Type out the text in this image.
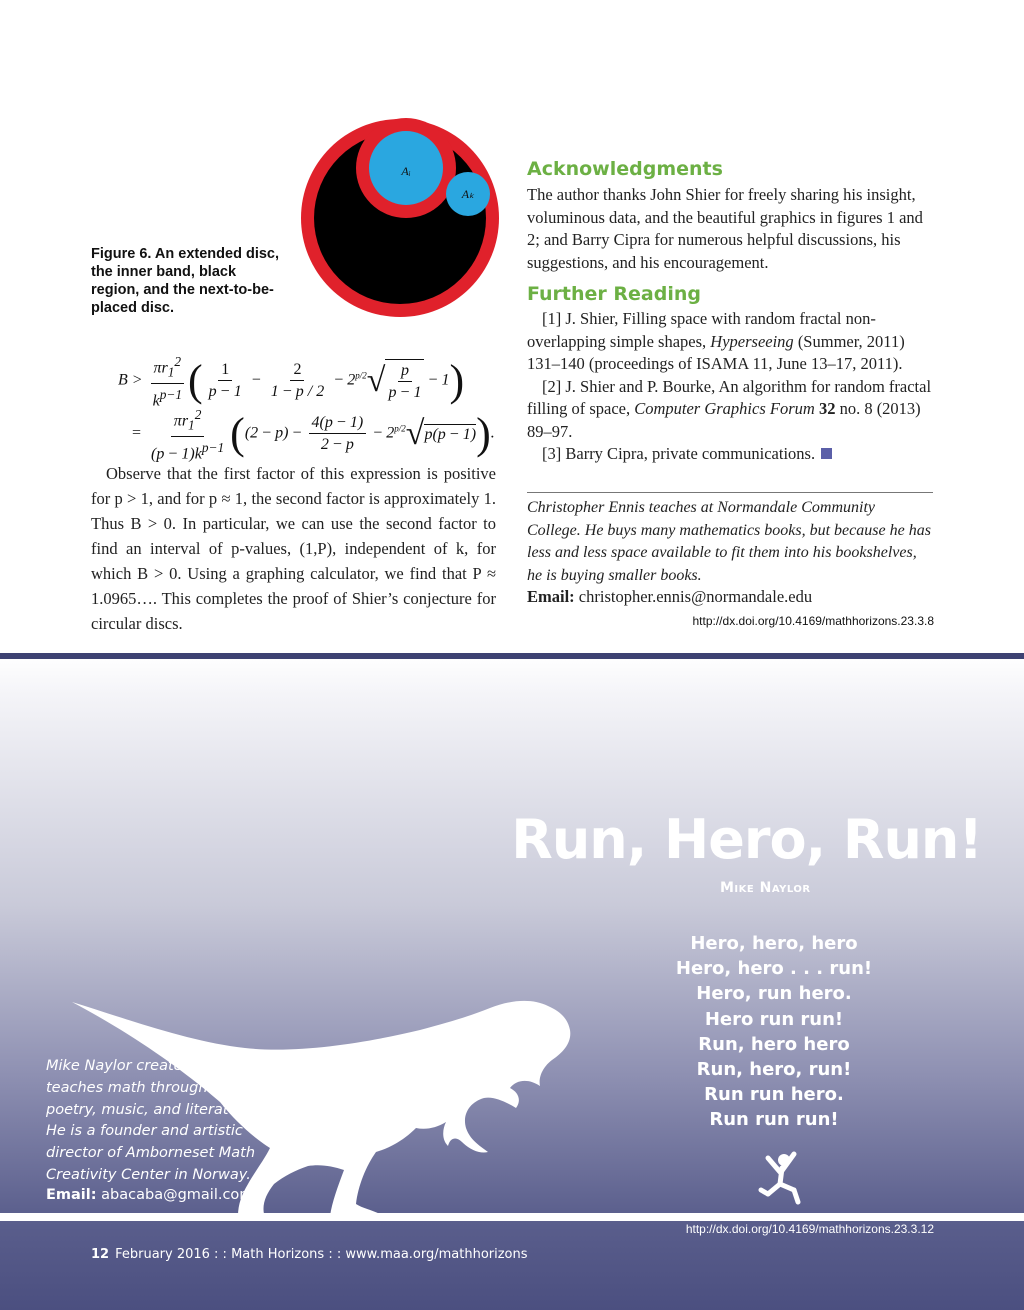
Aᵢ
Aₖ
Figure 6. An extended disc, the inner band, black region, and the next-to-be-placed disc.
$B > \frac{\pi r_1^2}{k^{p-1}}$ ( $\frac{1}{p - 1} - \frac{2}{1 - p / 2} - 2^{p/2}$ √ $\frac{p}{p - 1} - 1$)
= $\frac{\pi r_1^2}{(p - 1)k^{p-1}} ((2 - p) - \frac{4(p - 1)}{2 - p} - 2^{p/2}$ √ p(p − 1) ).

Observe that the first factor of this expression is positive for p > 1, and for p ≈ 1, the second factor is approximately 1. Thus B > 0. In particular, we can use the second factor to find an interval of p-values, (1,P), independent of k, for which B > 0. Using a graphing calculator, we find that P ≈ 1.0965…. This completes the proof of Shier’s conjecture for circular discs.

Acknowledgments

The author thanks John Shier for freely sharing his insight, voluminous data, and the beautiful graphics in figures 1 and 2; and Barry Cipra for numerous helpful discussions, his suggestions, and his encouragement.

Further Reading

[1] J. Shier, Filling space with random fractal non-overlapping simple shapes, Hyperseeing (Summer, 2011) 131–140 (proceedings of ISAMA 11, June 13–17, 2011).

[2] J. Shier and P. Bourke, An algorithm for random fractal filling of space, Computer Graphics Forum 32 no. 8 (2013) 89–97.

[3] Barry Cipra, private communications.

Christopher Ennis teaches at Normandale Community College. He buys many mathematics books, but because he has less and less space available to fit them into his bookshelves, he is buying smaller books.

Email: christopher.ennis@normandale.edu
http://dx.doi.org/10.4169/mathhorizons.23.3.8
Run, Hero, Run!
Mike Naylor
Hero, hero, hero
Hero, hero . . . run!
Hero, run hero.
Hero run run!
Run, hero hero
Run, hero, run!
Run run hero.
Run run run!

Mike Naylor creates and teaches math through art, poetry, music, and literature. He is a founder and artistic director of Amborneset Math Creativity Center in Norway.

Email: abacaba@gmail.com
http://dx.doi.org/10.4169/mathhorizons.23.3.12
12 February 2016 : : Math Horizons : : www.maa.org/mathhorizons
